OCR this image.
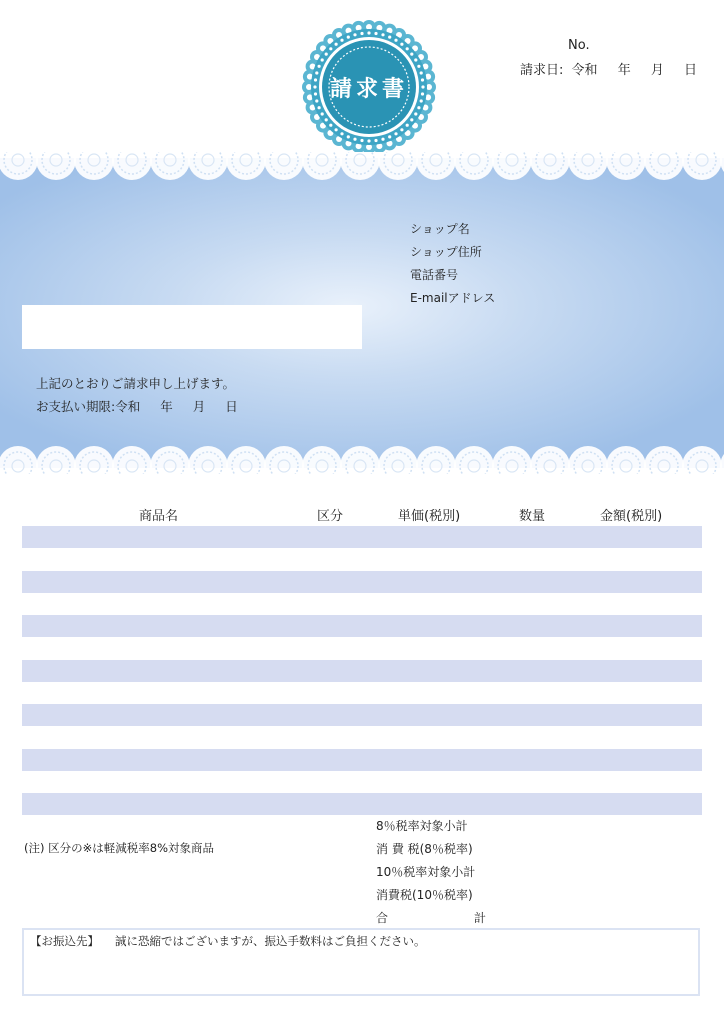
請求書
No.
請求日: 令和 年 月 日
ショップ名
ショップ住所
電話番号
E-mailアドレス
上記のとおりご請求申し上げます。
お支払い期限:令和 年 月 日
商品名	区分	単価(税別)	数量	金額(税別)
(注) 区分の※は軽減税率8%対象商品
8％税率対象小計
消 費 税(8％税率)
10％税率対象小計
消費税(10％税率)
合	計
【お振込先】 誠に恐縮ではございますが、振込手数料はご負担ください。
